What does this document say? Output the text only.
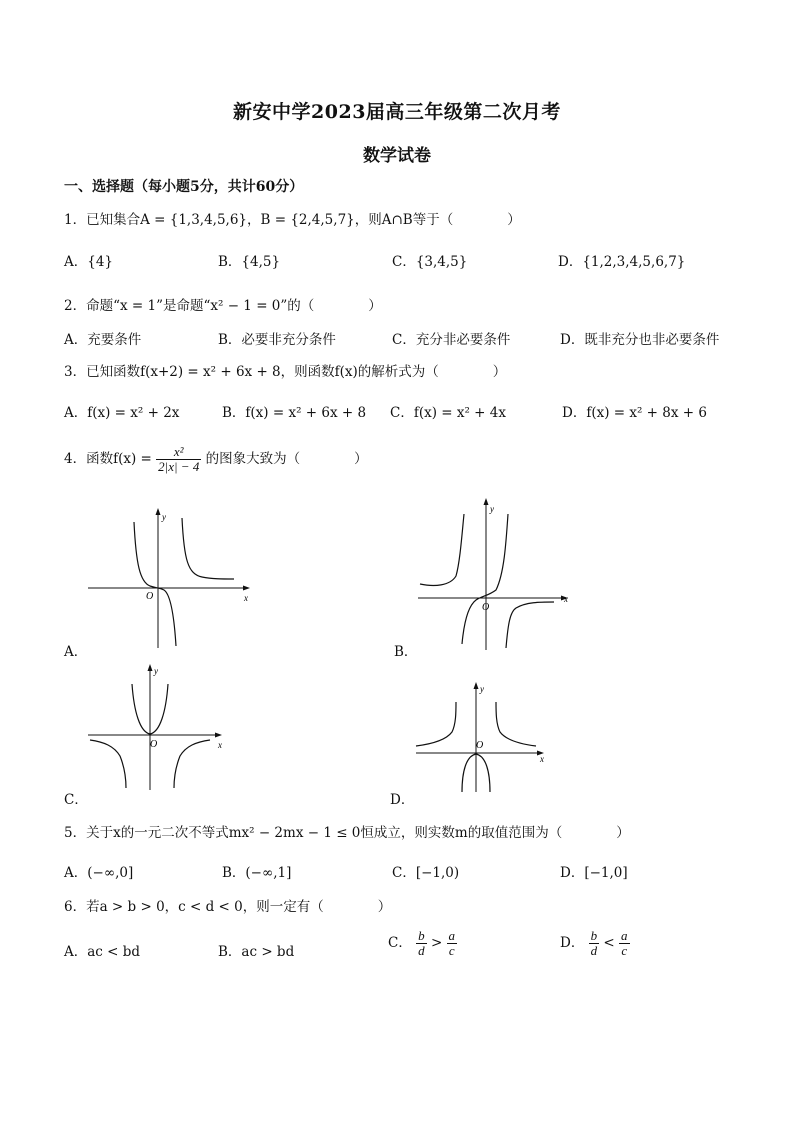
新安中学2023届高三年级第二次月考
数学试卷
一、选择题（每小题5分，共计60分）
1．已知集合A = {1,3,4,5,6}，B = {2,4,5,7}，则A∩B等于（　　　　）
A．{4}	B．{4,5}	C．{3,4,5}	D．{1,2,3,4,5,6,7}
2．命题“x = 1”是命题“x² − 1 = 0”的（　　　　）
A．充要条件	B．必要非充分条件	C．充分非必要条件	D．既非充分也非必要条件
3．已知函数f(x+2) = x² + 6x + 8，则函数f(x)的解析式为（　　　　）
A．f(x) = x² + 2x	B．f(x) = x² + 6x + 8 C．f(x) = x² + 4x	D．f(x) = x² + 8x + 6
4．函数$f(x) = \frac{\text{x²}}{2|x| - 4}$ 的图象大致为（　　　　）
y
x
O
A．
y
x
O
B．
y
x
O
C．
y
x
O
D．
5．关于x的一元二次不等式mx² − 2mx − 1 ≤ 0恒成立，则实数m的取值范围为（　　　　）
A．(−∞,0]	B．(−∞,1]	C．[−1,0)	D．[−1,0]
6．若a > b > 0，c < d < 0，则一定有（　　　　）
A．ac < bd	B．ac > bd
C． $\frac{b}{d} > \frac{a}{c}$	D． $\frac{b}{d} < \frac{a}{c}$
